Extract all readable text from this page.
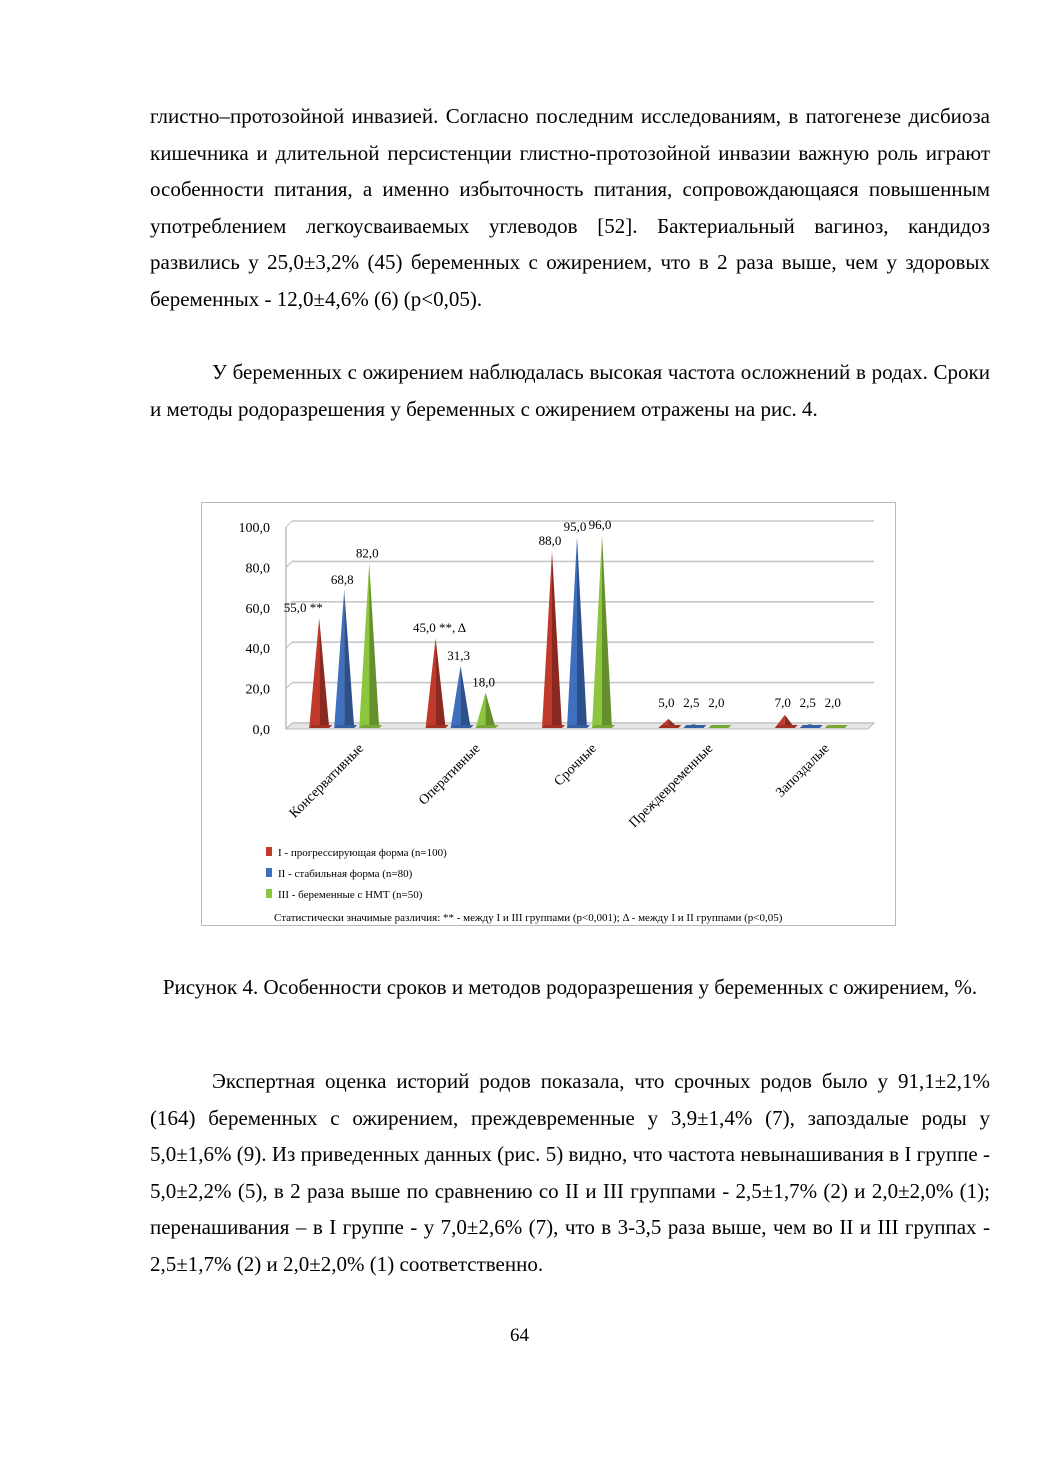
глистно–протозойной инвазией. Согласно последним исследованиям, в патогенезе дисбиоза кишечника и длительной персистенции глистно-протозойной инвазии важную роль играют особенности питания, а именно избыточность питания, сопровождающаяся повышенным употреблением легкоусваиваемых углеводов [52]. Бактериальный вагиноз, кандидоз развились у 25,0±3,2% (45) беременных с ожирением, что в 2 раза выше, чем у здоровых беременных - 12,0±4,6% (6) (p<0,05).

У беременных с ожирением наблюдалась высокая частота осложнений в родах. Сроки и методы родоразрешения у беременных с ожирением отражены на рис. 4.

0,0
20,0
40,0
60,0
80,0
100,0
55,0 **
68,8
82,0
Консервативные
45,0 **, Δ
31,3
18,0
Оперативные
88,0
95,0 96,0
Срочные
5,0 2,5 2,0
Преждевременные
7,0 2,5 2,0
Запоздалые
I - прогрессирующая форма (n=100)
II - стабильная форма (n=80)
III - беременные с НМТ (n=50)
Статистически значимые различия: ** - между I и III группами (p<0,001); Δ - между I и II группами (p<0,05)

Рисунок 4. Особенности сроков и методов родоразрешения у беременных с ожирением, %.

Экспертная оценка историй родов показала, что срочных родов было у 91,1±2,1% (164) беременных с ожирением, преждевременные у 3,9±1,4% (7), запоздалые роды у 5,0±1,6% (9). Из приведенных данных (рис. 5) видно, что частота невынашивания в I группе - 5,0±2,2% (5), в 2 раза выше по сравнению со II и III группами - 2,5±1,7% (2) и 2,0±2,0% (1); перенашивания – в I группе - у 7,0±2,6% (7), что в 3-3,5 раза выше, чем во II и III группах - 2,5±1,7% (2) и 2,0±2,0% (1) соответственно.

64
